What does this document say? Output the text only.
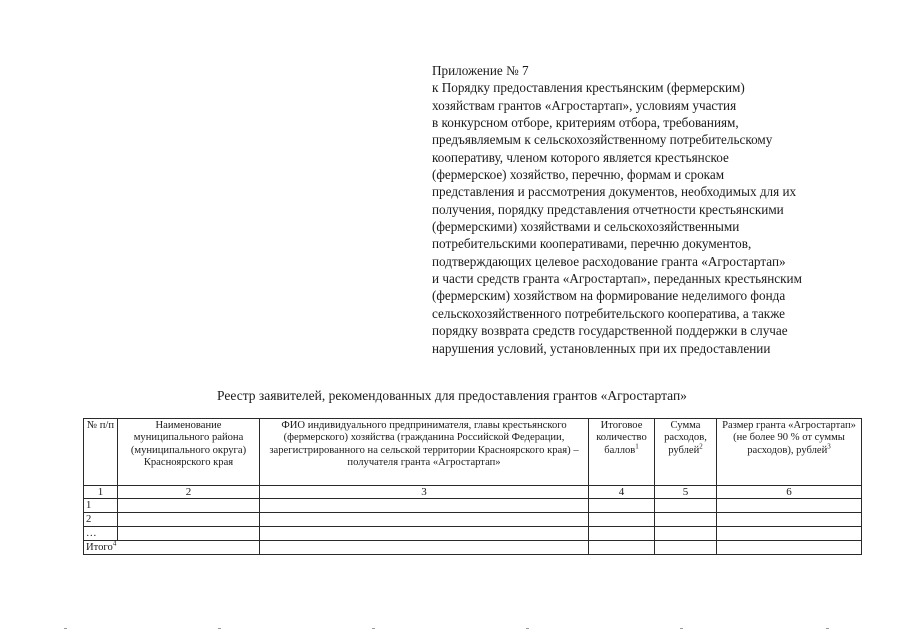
Приложение № 7
к Порядку предоставления крестьянским (фермерским)
хозяйствам грантов «Агростартап», условиям участия
в конкурсном отборе, критериям отбора, требованиям,
предъявляемым к сельскохозяйственному потребительскому
кооперативу, членом которого является крестьянское
(фермерское) хозяйство, перечню, формам и срокам
представления и рассмотрения документов, необходимых для их
получения, порядку представления отчетности крестьянскими
(фермерскими) хозяйствами и сельскохозяйственными
потребительскими кооперативами, перечню документов,
подтверждающих целевое расходование гранта «Агростартап»
и части средств гранта «Агростартап», переданных крестьянским
(фермерским) хозяйством на формирование неделимого фонда
сельскохозяйственного потребительского кооператива, а также
порядку возврата средств государственной поддержки в случае
нарушения условий, установленных при их предоставлении
Реестр заявителей, рекомендованных для предоставления грантов «Агростартап»
№ п/п	Наименование муниципального района (муниципального округа) Красноярского края	ФИО индивидуального предпринимателя, главы крестьянского (фермерского) хозяйства (гражданина Российской Федерации, зарегистрированного на сельской территории Красноярского края) – получателя гранта «Агростартап»	Итоговое количество баллов$^1$	Сумма расходов, рублей$^2$	Размер гранта «Агростартап» (не более 90 % от суммы расходов), рублей$^3$
1	2	3	4	5	6
1					
2					
…					
Итого$^4$				
